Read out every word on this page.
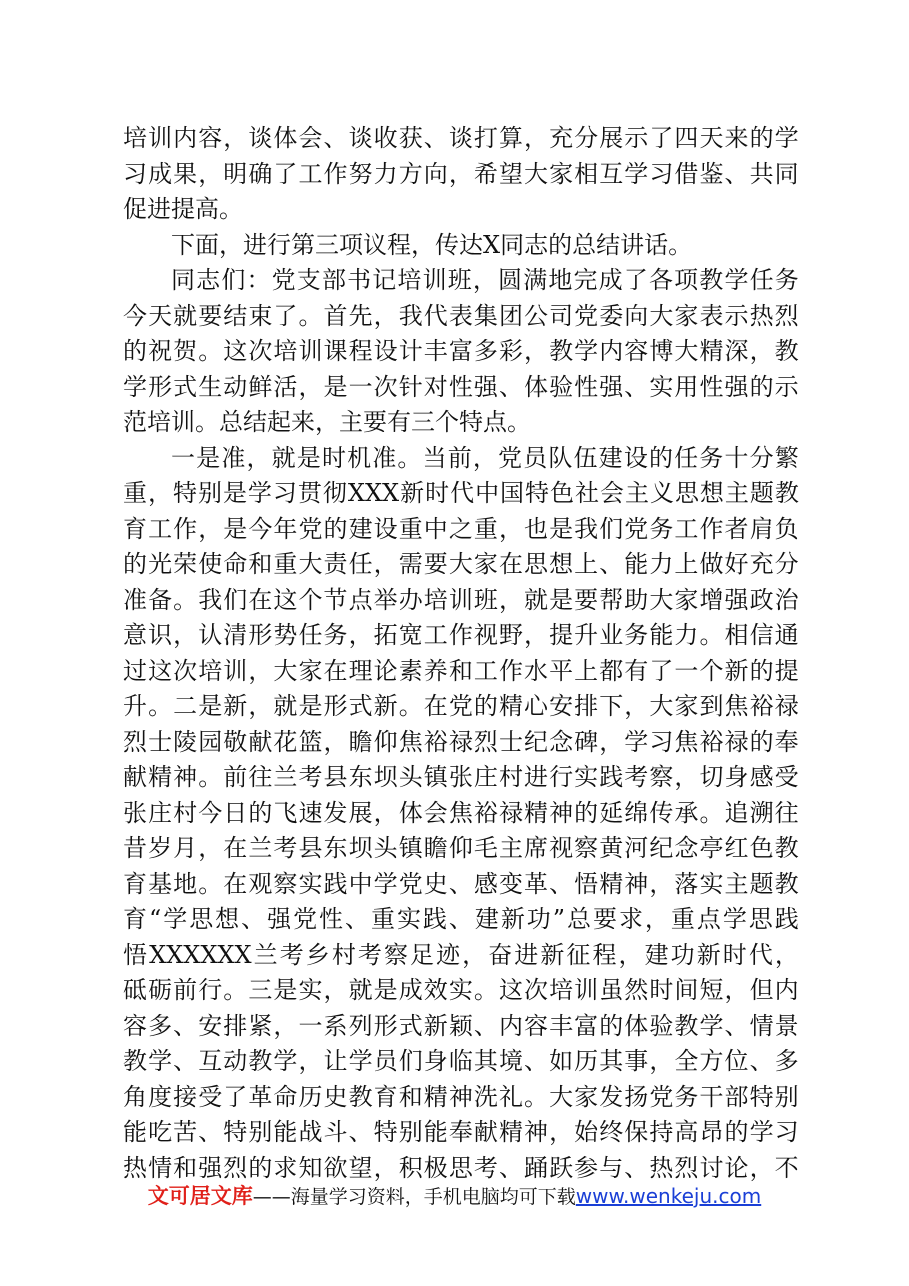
培 训 内 容 ， 谈 体 会 、 谈 收 获 、 谈 打 算 ， 充 分 展 示 了 四 天 来 的 学
习 成 果 ， 明 确 了 工 作 努 力 方 向 ， 希 望 大 家 相 互 学 习 借 鉴 、 共 同
促进提高。
下面，进行第三项议程，传达X同志的总结讲话。
同 志 们 ： 党 支 部 书 记 培 训 班 ， 圆 满 地 完 成 了 各 项 教 学 任 务
今 天 就 要 结 束 了 。 首 先 ， 我 代 表 集 团 公 司 党 委 向 大 家 表 示 热 烈
的 祝 贺 。 这 次 培 训 课 程 设 计 丰 富 多 彩 ， 教 学 内 容 博 大 精 深 ， 教
学 形 式 生 动 鲜 活 ， 是 一 次 针 对 性 强 、 体 验 性 强 、 实 用 性 强 的 示
范培训。总结起来，主要有三个特点。
一 是 准 ， 就 是 时 机 准 。 当 前 ， 党 员 队 伍 建 设 的 任 务 十 分 繁
重 ， 特 别 是 学 习 贯 彻 XXX 新 时 代 中 国 特 色 社 会 主 义 思 想 主 题 教
育 工 作 ， 是 今 年 党 的 建 设 重 中 之 重 ， 也 是 我 们 党 务 工 作 者 肩 负
的 光 荣 使 命 和 重 大 责 任 ， 需 要 大 家 在 思 想 上 、 能 力 上 做 好 充 分
准 备 。 我 们 在 这 个 节 点 举 办 培 训 班 ， 就 是 要 帮 助 大 家 增 强 政 治
意 识 ， 认 清 形 势 任 务 ， 拓 宽 工 作 视 野 ， 提 升 业 务 能 力 。 相 信 通
过 这 次 培 训 ， 大 家 在 理 论 素 养 和 工 作 水 平 上 都 有 了 一 个 新 的 提
升 。 二 是 新 ， 就 是 形 式 新 。 在 党 的 精 心 安 排 下 ， 大 家 到 焦 裕 禄
烈 士 陵 园 敬 献 花 篮 ， 瞻 仰 焦 裕 禄 烈 士 纪 念 碑 ， 学 习 焦 裕 禄 的 奉
献 精 神 。 前 往 兰 考 县 东 坝 头 镇 张 庄 村 进 行 实 践 考 察 ， 切 身 感 受
张 庄 村 今 日 的 飞 速 发 展 ， 体 会 焦 裕 禄 精 神 的 延 绵 传 承 。 追 溯 往
昔 岁 月 ， 在 兰 考 县 东 坝 头 镇 瞻 仰 毛 主 席 视 察 黄 河 纪 念 亭 红 色 教
育 基 地 。 在 观 察 实 践 中 学 党 史 、 感 变 革 、 悟 精 神 ， 落 实 主 题 教
育 “ 学 思 想 、 强 党 性 、 重 实 践 、 建 新 功 ” 总 要 求 ， 重 点 学 思 践
悟 XXXXXX 兰 考 乡 村 考 察 足 迹 ， 奋 进 新 征 程 ， 建 功 新 时 代 ，
砥 砺 前 行 。 三 是 实 ， 就 是 成 效 实 。 这 次 培 训 虽 然 时 间 短 ， 但 内
容 多 、 安 排 紧 ， 一 系 列 形 式 新 颖 、 内 容 丰 富 的 体 验 教 学 、 情 景
教 学 、 互 动 教 学 ， 让 学 员 们 身 临 其 境 、 如 历 其 事 ， 全 方 位 、 多
角 度 接 受 了 革 命 历 史 教 育 和 精 神 洗 礼 。 大 家 发 扬 党 务 干 部 特 别
能 吃 苦 、 特 别 能 战 斗 、 特 别 能 奉 献 精 神 ， 始 终 保 持 高 昂 的 学 习
热 情 和 强 烈 的 求 知 欲 望 ， 积 极 思 考 、 踊 跃 参 与 、 热 烈 讨 论 ， 不
文可居文库——海量学习资料，手机电脑均可下载www.wenkeju.com
